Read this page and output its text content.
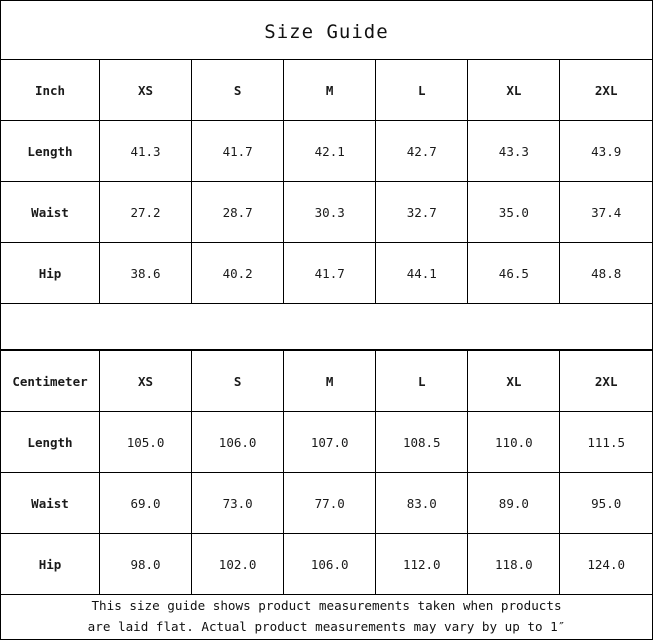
Size Guide
Inch	XS	S	M	L	XL	2XL
Length	41.3	41.7	42.1	42.7	43.3	43.9
Waist	27.2	28.7	30.3	32.7	35.0	37.4
Hip	38.6	40.2	41.7	44.1	46.5	48.8
Centimeter	XS	S	M	L	XL	2XL
Length	105.0	106.0	107.0	108.5	110.0	111.5
Waist	69.0	73.0	77.0	83.0	89.0	95.0
Hip	98.0	102.0	106.0	112.0	118.0	124.0
This size guide shows product measurements taken when products
are laid flat. Actual product measurements may vary by up to 1″
